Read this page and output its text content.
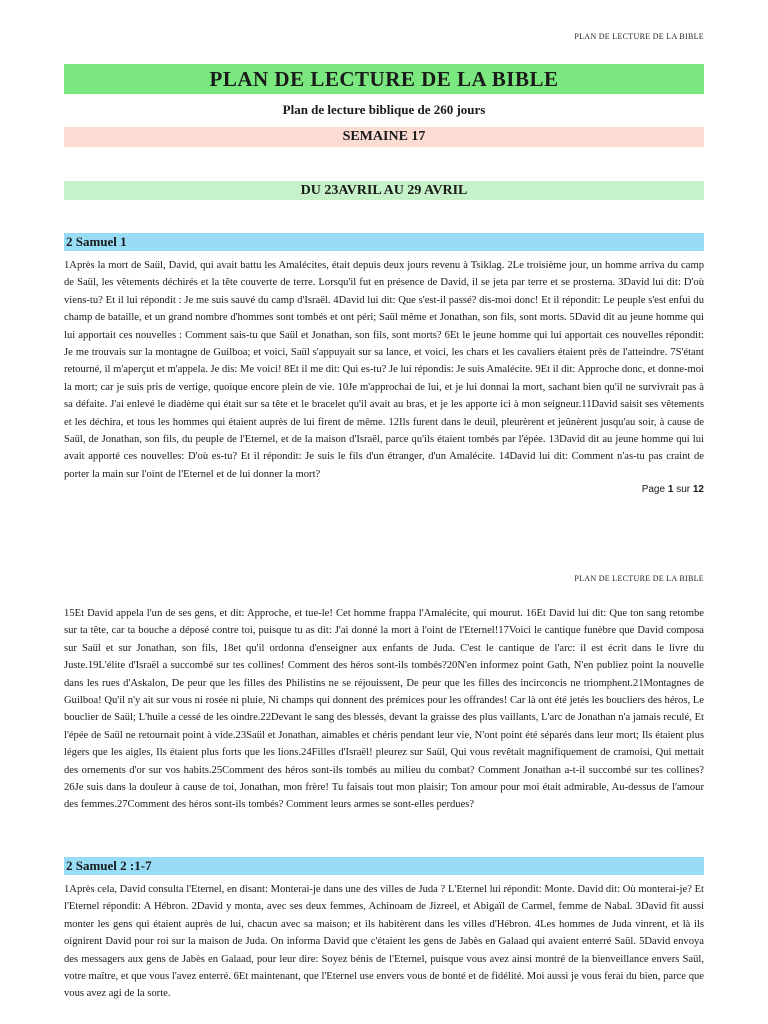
PLAN DE LECTURE DE LA BIBLE
PLAN DE LECTURE DE LA BIBLE
Plan de lecture biblique de 260 jours
SEMAINE 17
DU 23AVRIL AU 29 AVRIL
2 Samuel 1

1Après la mort de Saül, David, qui avait battu les Amalécites, était depuis deux jours revenu à Tsiklag. 2Le troisième jour, un homme arriva du camp de Saül, les vêtements déchirés et la tête couverte de terre. Lorsqu'il fut en présence de David, il se jeta par terre et se prosterna. 3David lui dit: D'où viens-tu? Et il lui répondit : Je me suis sauvé du camp d'Israël. 4David lui dit: Que s'est-il passé? dis-moi donc! Et il répondit: Le peuple s'est enfui du champ de bataille, et un grand nombre d'hommes sont tombés et ont péri; Saül même et Jonathan, son fils, sont morts. 5David dit au jeune homme qui lui apportait ces nouvelles : Comment sais-tu que Saül et Jonathan, son fils, sont morts? 6Et le jeune homme qui lui apportait ces nouvelles répondit: Je me trouvais sur la montagne de Guilboa; et voici, Saül s'appuyait sur sa lance, et voici, les chars et les cavaliers étaient près de l'atteindre. 7S'étant retourné, il m'aperçut et m'appela. Je dis: Me voici! 8Et il me dit: Qui es-tu? Je lui répondis: Je suis Amalécite. 9Et il dit: Approche donc, et donne-moi la mort; car je suis pris de vertige, quoique encore plein de vie. 10Je m'approchai de lui, et je lui donnai la mort, sachant bien qu'il ne survivrait pas à sa défaite. J'ai enlevé le diadème qui était sur sa tête et le bracelet qu'il avait au bras, et je les apporte ici à mon seigneur.11David saisit ses vêtements et les déchira, et tous les hommes qui étaient auprès de lui firent de même. 12Ils furent dans le deuil, pleurèrent et jeûnèrent jusqu'au soir, à cause de Saül, de Jonathan, son fils, du peuple de l'Eternel, et de la maison d'Israël, parce qu'ils étaient tombés par l'épée. 13David dit au jeune homme qui lui avait apporté ces nouvelles: D'où es-tu? Et il répondit: Je suis le fils d'un étranger, d'un Amalécite. 14David lui dit: Comment n'as-tu pas craint de porter la main sur l'oint de l'Eternel et de lui donner la mort?

Page 1 sur 12
PLAN DE LECTURE DE LA BIBLE

15Et David appela l'un de ses gens, et dit: Approche, et tue-le! Cet homme frappa l'Amalécite, qui mourut. 16Et David lui dit: Que ton sang retombe sur ta tête, car ta bouche a déposé contre toi, puisque tu as dit: J'ai donné la mort à l'oint de l'Eternel!17Voici le cantique funèbre que David composa sur Saül et sur Jonathan, son fils, 18et qu'il ordonna d'enseigner aux enfants de Juda. C'est le cantique de l'arc: il est écrit dans le livre du Juste.19L'élite d'Israël a succombé sur tes collines! Comment des héros sont-ils tombés?20N'en informez point Gath, N'en publiez point la nouvelle dans les rues d'Askalon, De peur que les filles des Philistins ne se réjouissent, De peur que les filles des incirconcis ne triomphent.21Montagnes de Guilboa! Qu'il n'y ait sur vous ni rosée ni pluie, Ni champs qui donnent des prémices pour les offrandes! Car là ont été jetés les boucliers des héros, Le bouclier de Saül; L'huile a cessé de les oindre.22Devant le sang des blessés, devant la graisse des plus vaillants, L'arc de Jonathan n'a jamais reculé, Et l'épée de Saül ne retournait point à vide.23Saül et Jonathan, aimables et chéris pendant leur vie, N'ont point été séparés dans leur mort; Ils étaient plus légers que les aigles, Ils étaient plus forts que les lions.24Filles d'Israël! pleurez sur Saül, Qui vous revêtait magnifiquement de cramoisi, Qui mettait des ornements d'or sur vos habits.25Comment des héros sont-ils tombés au milieu du combat? Comment Jonathan a-t-il succombé sur tes collines?26Je suis dans la douleur à cause de toi, Jonathan, mon frère! Tu faisais tout mon plaisir; Ton amour pour moi était admirable, Au-dessus de l'amour des femmes.27Comment des héros sont-ils tombés? Comment leurs armes se sont-elles perdues?

2 Samuel 2 :1-7

1Après cela, David consulta l'Eternel, en disant: Monterai-je dans une des villes de Juda ? L'Eternel lui répondit: Monte. David dit: Où monterai-je? Et l'Eternel répondit: A Hébron. 2David y monta, avec ses deux femmes, Achinoam de Jizreel, et Abigaïl de Carmel, femme de Nabal. 3David fit aussi monter les gens qui étaient auprès de lui, chacun avec sa maison; et ils habitèrent dans les villes d'Hébron. 4Les hommes de Juda vinrent, et là ils oignirent David pour roi sur la maison de Juda. On informa David que c'étaient les gens de Jabès en Galaad qui avaient enterré Saül. 5David envoya des messagers aux gens de Jabès en Galaad, pour leur dire: Soyez bénis de l'Eternel, puisque vous avez ainsi montré de la bienveillance envers Saül, votre maître, et que vous l'avez enterré. 6Et maintenant, que l'Eternel use envers vous de bonté et de fidélité. Moi aussi je vous ferai du bien, parce que vous avez agi de la sorte.
